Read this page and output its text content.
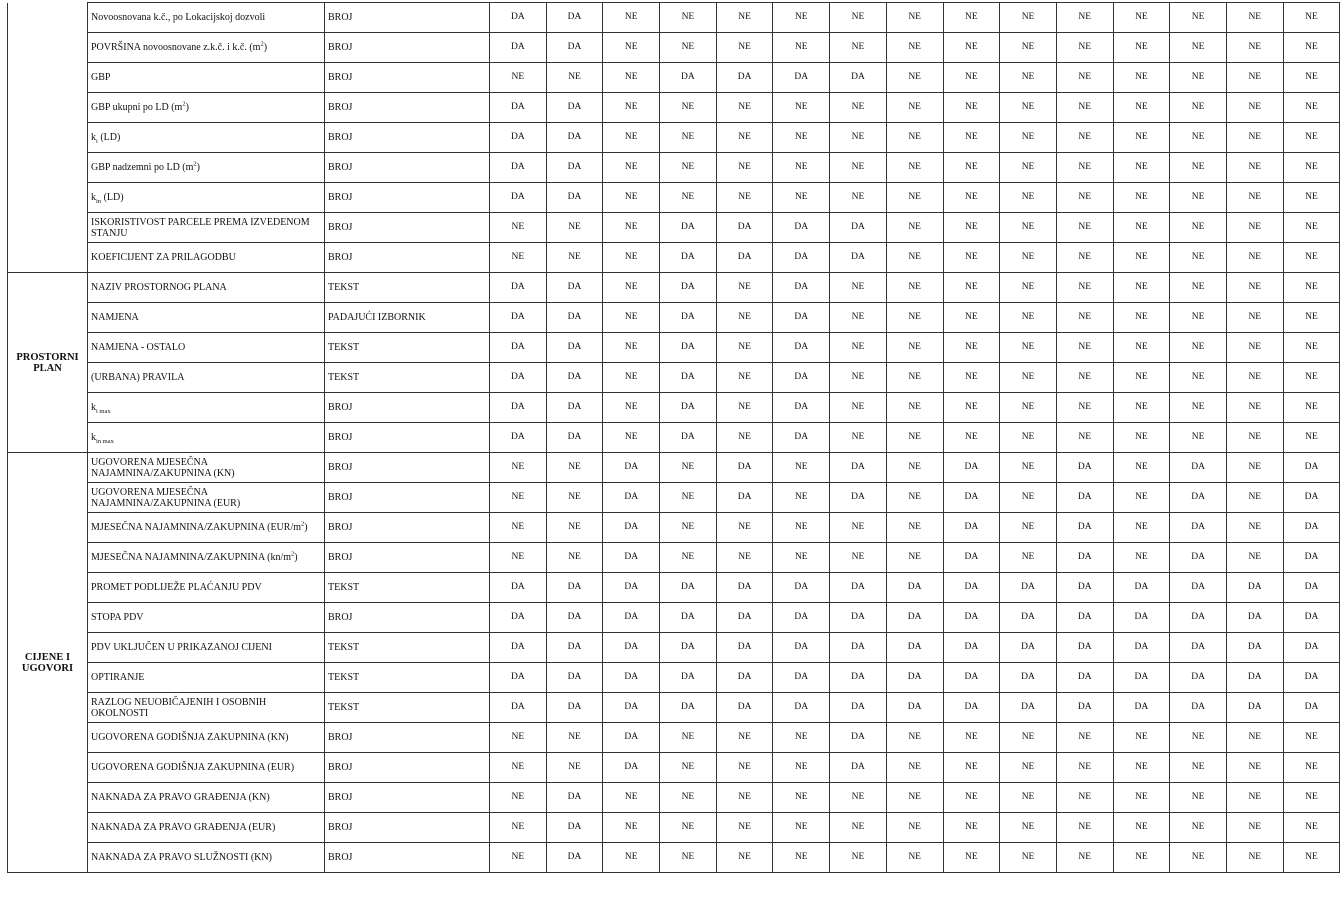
	Novoosnovana k.č., po Lokacijskoj dozvoli	BROJ	DA	DA	NE	NE	NE	NE	NE	NE	NE	NE	NE	NE	NE	NE	NE
	POVRŠINA novoosnovane z.k.č. i k.č. $(m^2)$	BROJ	DA	DA	NE	NE	NE	NE	NE	NE	NE	NE	NE	NE	NE	NE	NE
	GBP	BROJ	NE	NE	NE	DA	DA	DA	DA	NE	NE	NE	NE	NE	NE	NE	NE
	GBP ukupni po LD $(m^2)$	BROJ	DA	DA	NE	NE	NE	NE	NE	NE	NE	NE	NE	NE	NE	NE	NE
	$k_i$ (LD)	BROJ	DA	DA	NE	NE	NE	NE	NE	NE	NE	NE	NE	NE	NE	NE	NE
	GBP nadzemni po LD $(m^2)$	BROJ	DA	DA	NE	NE	NE	NE	NE	NE	NE	NE	NE	NE	NE	NE	NE
	$k_{in}$ (LD)	BROJ	DA	DA	NE	NE	NE	NE	NE	NE	NE	NE	NE	NE	NE	NE	NE
	ISKORISTIVOST PARCELE PREMA IZVEDENOM STANJU	BROJ	NE	NE	NE	DA	DA	DA	DA	NE	NE	NE	NE	NE	NE	NE	NE
	KOEFICIJENT ZA PRILAGODBU	BROJ	NE	NE	NE	DA	DA	DA	DA	NE	NE	NE	NE	NE	NE	NE	NE
PROSTORNI PLAN	NAZIV PROSTORNOG PLANA	TEKST	DA	DA	NE	DA	NE	DA	NE	NE	NE	NE	NE	NE	NE	NE	NE
	NAMJENA	PADAJUĆI IZBORNIK	DA	DA	NE	DA	NE	DA	NE	NE	NE	NE	NE	NE	NE	NE	NE
	NAMJENA - OSTALO	TEKST	DA	DA	NE	DA	NE	DA	NE	NE	NE	NE	NE	NE	NE	NE	NE
	(URBANA) PRAVILA	TEKST	DA	DA	NE	DA	NE	DA	NE	NE	NE	NE	NE	NE	NE	NE	NE
	$k_{i max}$	BROJ	DA	DA	NE	DA	NE	DA	NE	NE	NE	NE	NE	NE	NE	NE	NE
	$k_{in max}$	BROJ	DA	DA	NE	DA	NE	DA	NE	NE	NE	NE	NE	NE	NE	NE	NE
CIJENE I UGOVORI	UGOVORENA MJESEČNA NAJAMNINA/ZAKUPNINA (KN)	BROJ	NE	NE	DA	NE	DA	NE	DA	NE	DA	NE	DA	NE	DA	NE	DA
	UGOVORENA MJESEČNA NAJAMNINA/ZAKUPNINA (EUR)	BROJ	NE	NE	DA	NE	DA	NE	DA	NE	DA	NE	DA	NE	DA	NE	DA
	MJESEČNA NAJAMNINA/ZAKUPNINA $(EUR/m^2)$	BROJ	NE	NE	DA	NE	NE	NE	NE	NE	DA	NE	DA	NE	DA	NE	DA
	MJESEČNA NAJAMNINA/ZAKUPNINA $(kn/m^2)$	BROJ	NE	NE	DA	NE	NE	NE	NE	NE	DA	NE	DA	NE	DA	NE	DA
	PROMET PODLIJEŽE PLAĆANJU PDV	TEKST	DA	DA	DA	DA	DA	DA	DA	DA	DA	DA	DA	DA	DA	DA	DA
	STOPA PDV	BROJ	DA	DA	DA	DA	DA	DA	DA	DA	DA	DA	DA	DA	DA	DA	DA
	PDV UKLJUČEN U PRIKAZANOJ CIJENI	TEKST	DA	DA	DA	DA	DA	DA	DA	DA	DA	DA	DA	DA	DA	DA	DA
	OPTIRANJE	TEKST	DA	DA	DA	DA	DA	DA	DA	DA	DA	DA	DA	DA	DA	DA	DA
	RAZLOG NEUOBIČAJENIH I OSOBNIH OKOLNOSTI	TEKST	DA	DA	DA	DA	DA	DA	DA	DA	DA	DA	DA	DA	DA	DA	DA
	UGOVORENA GODIŠNJA ZAKUPNINA (KN)	BROJ	NE	NE	DA	NE	NE	NE	DA	NE	NE	NE	NE	NE	NE	NE	NE
	UGOVORENA GODIŠNJA ZAKUPNINA (EUR)	BROJ	NE	NE	DA	NE	NE	NE	DA	NE	NE	NE	NE	NE	NE	NE	NE
	NAKNADA ZA PRAVO GRAĐENJA (KN)	BROJ	NE	DA	NE	NE	NE	NE	NE	NE	NE	NE	NE	NE	NE	NE	NE
	NAKNADA ZA PRAVO GRAĐENJA (EUR)	BROJ	NE	DA	NE	NE	NE	NE	NE	NE	NE	NE	NE	NE	NE	NE	NE
	NAKNADA ZA PRAVO SLUŽNOSTI (KN)	BROJ	NE	DA	NE	NE	NE	NE	NE	NE	NE	NE	NE	NE	NE	NE	NE
